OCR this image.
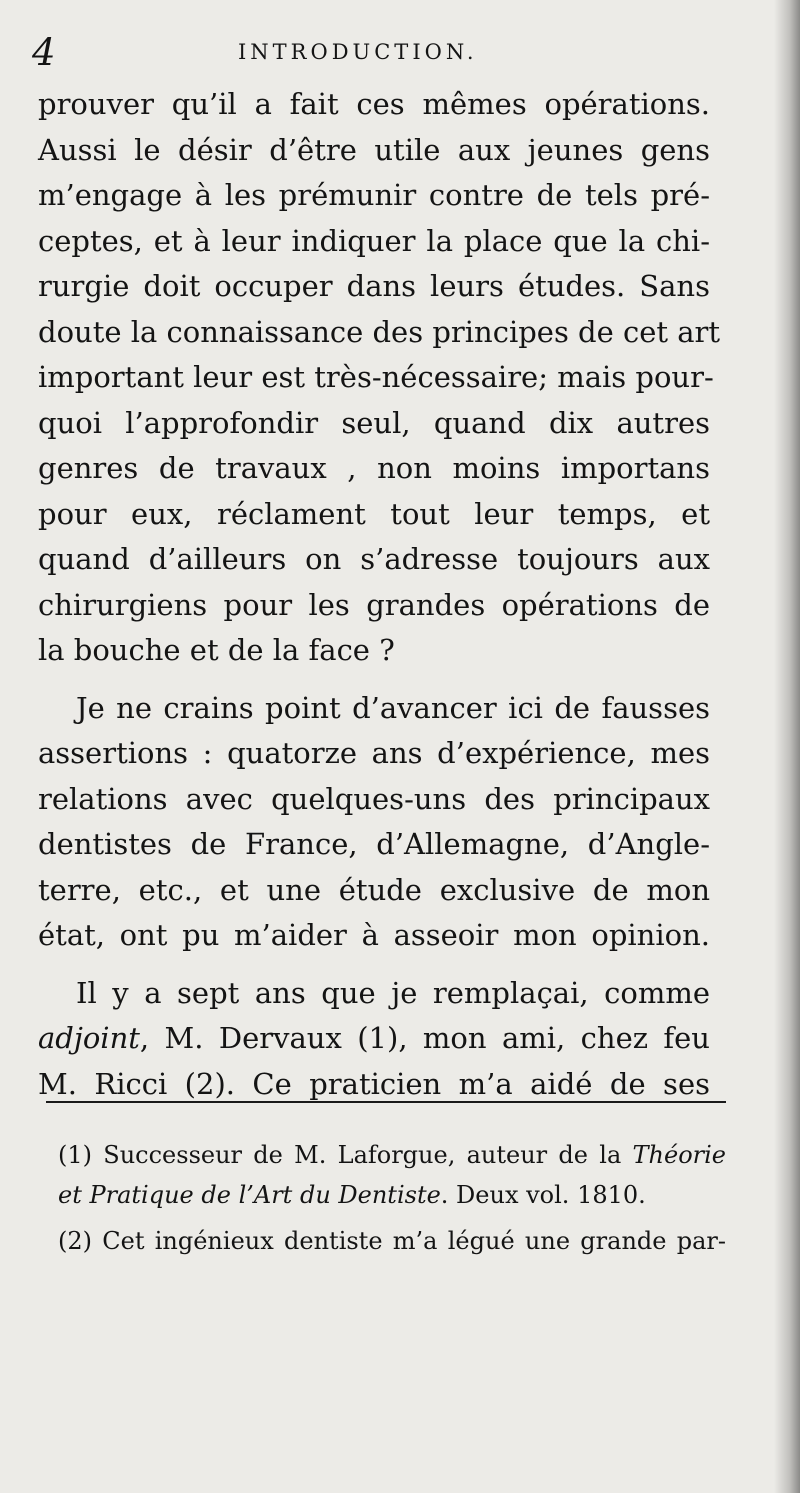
4	INTRODUCTION.
prouver qu’il a fait ces mêmes opérations.
Aussi le désir d’être utile aux jeunes gens
m’engage à les prémunir contre de tels pré-
ceptes, et à leur indiquer la place que la chi-
rurgie doit occuper dans leurs études. Sans
doute la connaissance des principes de cet art
important leur est très-nécessaire; mais pour-
quoi l’approfondir seul, quand dix autres
genres de travaux , non moins importans
pour eux, réclament tout leur temps, et
quand d’ailleurs on s’adresse toujours aux
chirurgiens pour les grandes opérations de
la bouche et de la face ?
Je ne crains point d’avancer ici de fausses
assertions : quatorze ans d’expérience, mes
relations avec quelques-uns des principaux
dentistes de France, d’Allemagne, d’Angle-
terre, etc., et une étude exclusive de mon
état, ont pu m’aider à asseoir mon opinion.
Il y a sept ans que je remplaçai, comme
adjoint, M. Dervaux (1), mon ami, chez feu
M. Ricci (2). Ce praticien m’a aidé de ses
(1) Successeur de M. Laforgue, auteur de la Théorie
et Pratique de l’Art du Dentiste. Deux vol. 1810.
(2) Cet ingénieux dentiste m’a légué une grande par-
